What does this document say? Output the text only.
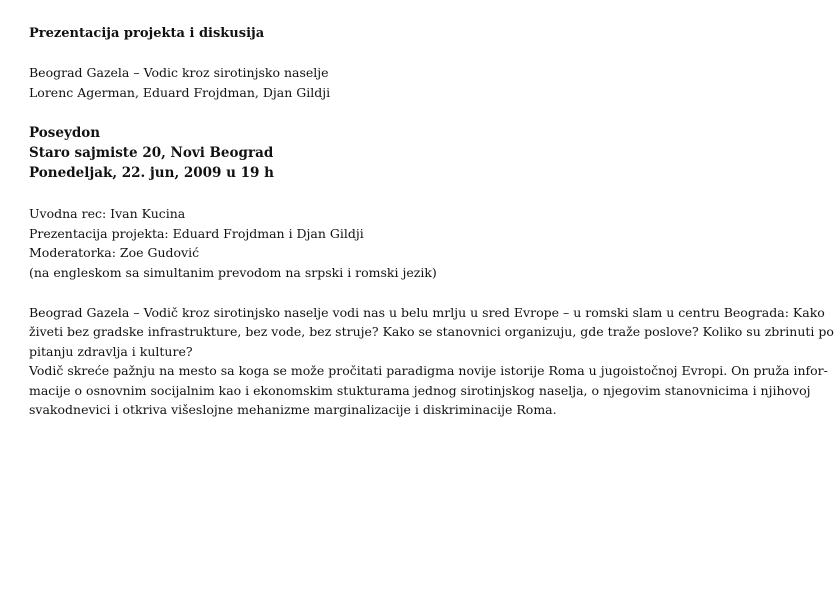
Prezentacija projekta i diskusija
Beograd Gazela – Vodic kroz sirotinjsko naselje
Lorenc Agerman, Eduard Frojdman, Djan Gildji
Poseydon
Staro sajmiste 20, Novi Beograd
Ponedeljak, 22. jun, 2009 u 19 h
Uvodna rec: Ivan Kucina
Prezentacija projekta: Eduard Frojdman i Djan Gildji
Moderatorka: Zoe Gudović
(na engleskom sa simultanim prevodom na srpski i romski jezik)
Beograd Gazela – Vodič kroz sirotinjsko naselje vodi nas u belu mrlju u sred Evrope – u romski slam u centru Beograda: Kako
živeti bez gradske infrastrukture, bez vode, bez struje? Kako se stanovnici organizuju, gde traže poslove? Koliko su zbrinuti po
pitanju zdravlja i kulture?
Vodič skreće pažnju na mesto sa koga se može pročitati paradigma novije istorije Roma u jugoistočnoj Evropi. On pruža infor-
macije o osnovnim socijalnim kao i ekonomskim stukturama jednog sirotinjskog naselja, o njegovim stanovnicima i njihovoj
svakodnevici i otkriva višeslojne mehanizme marginalizacije i diskriminacije Roma.
